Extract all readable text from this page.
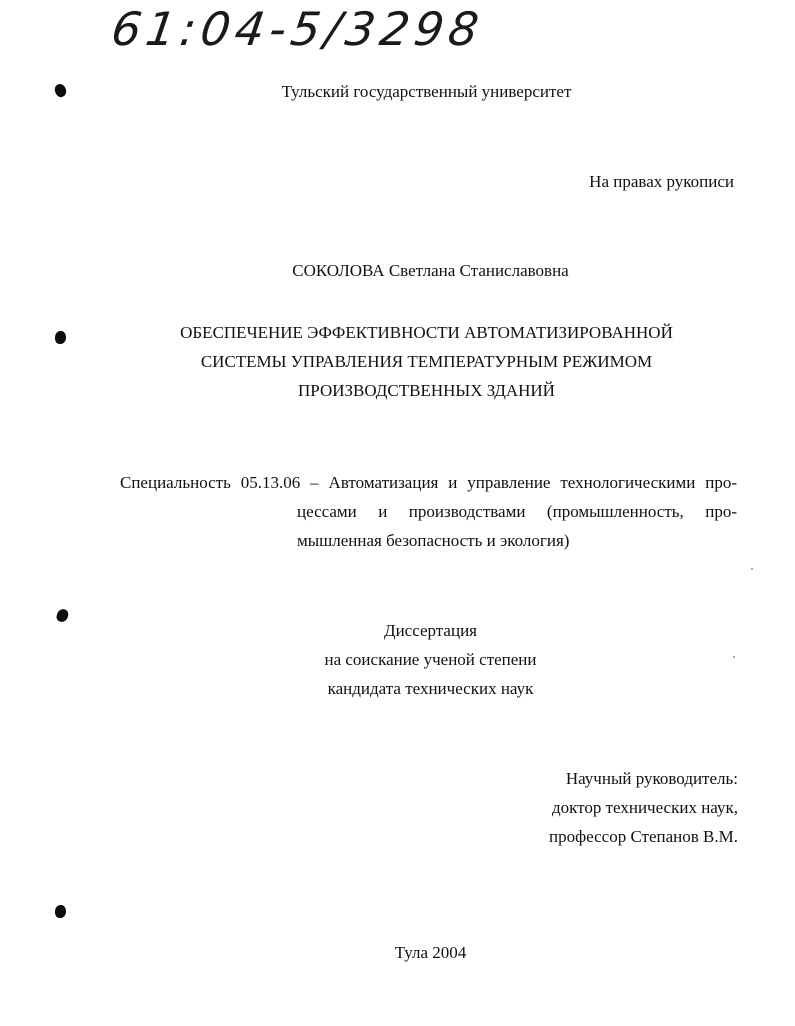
61:04-5/3298
Тульский государственный университет
На правах рукописи
СОКОЛОВА Светлана Станиславовна
ОБЕСПЕЧЕНИЕ ЭФФЕКТИВНОСТИ АВТОМАТИЗИРОВАННОЙ
СИСТЕМЫ УПРАВЛЕНИЯ ТЕМПЕРАТУРНЫМ РЕЖИМОМ
ПРОИЗВОДСТВЕННЫХ ЗДАНИЙ
Специальность 05.13.06 – Автоматизация и управление технологическими про-
цессами и производствами (промышленность, про-
мышленная безопасность и экология)
Диссертация
на соискание ученой степени
кандидата технических наук
Научный руководитель:
доктор технических наук,
профессор Степанов В.М.
Тула 2004
